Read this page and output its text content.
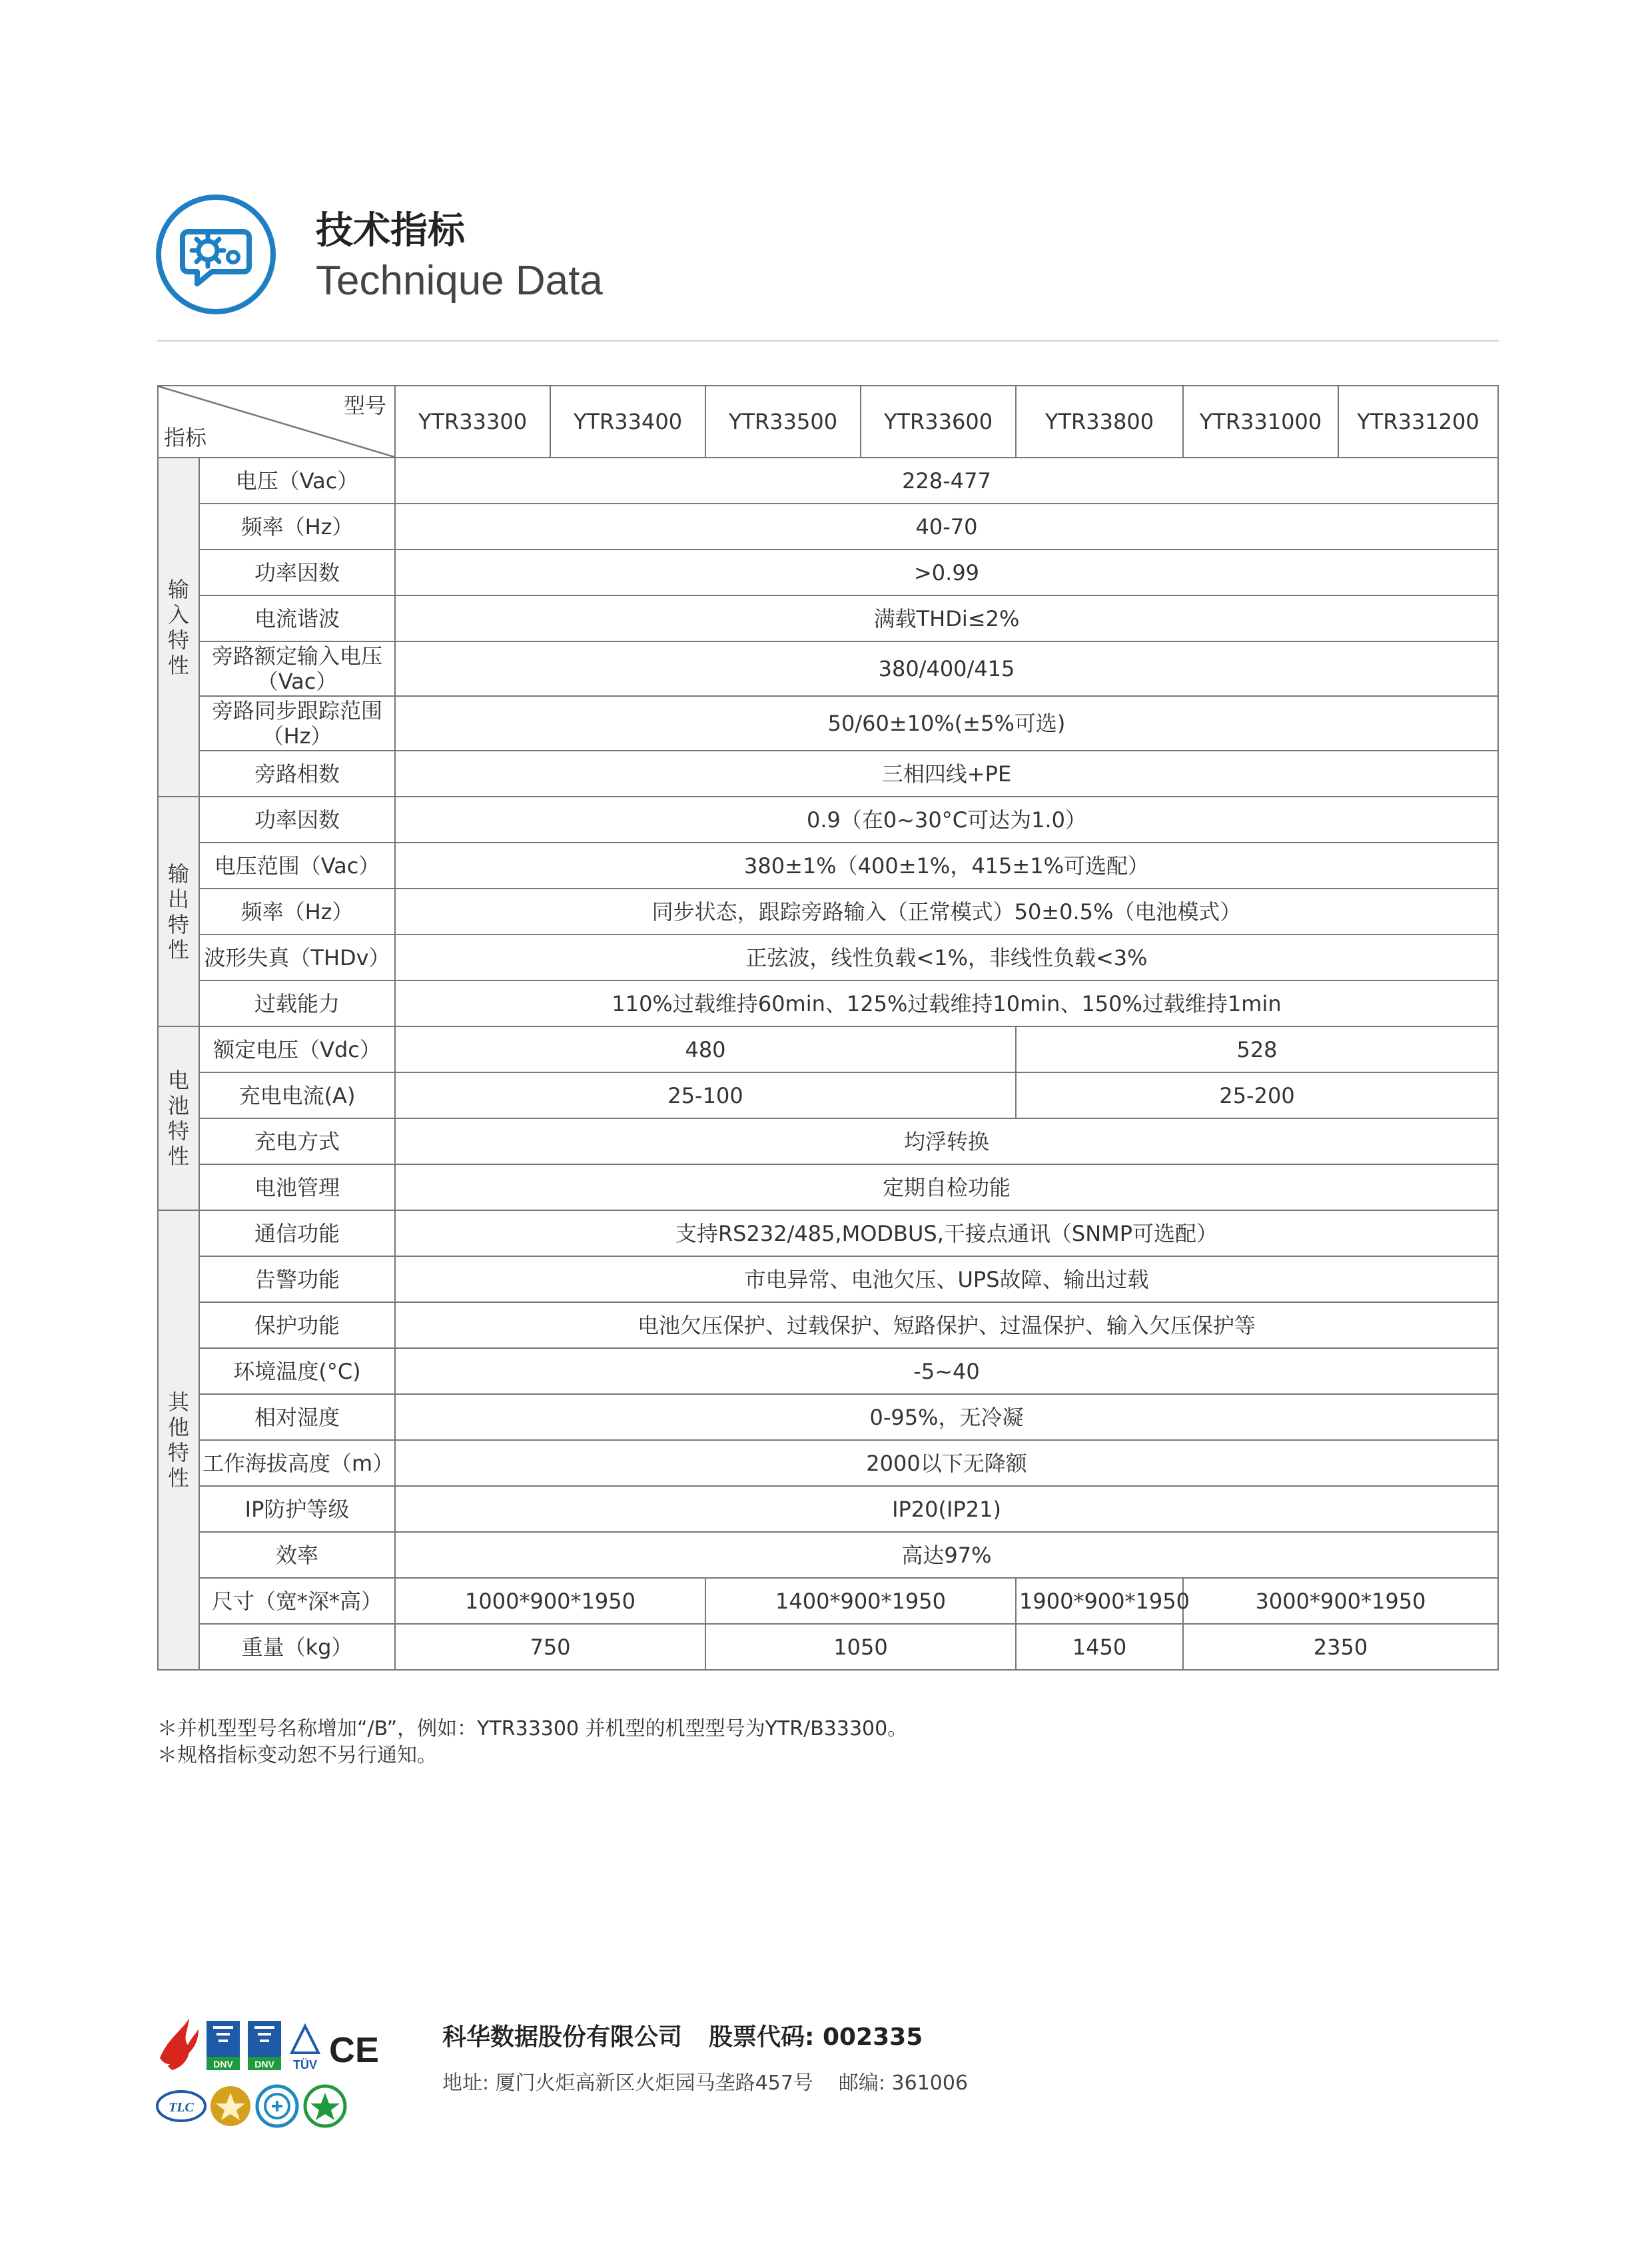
技术指标
Technique Data
型号
指标		YTR33300	YTR33400	YTR33500	YTR33600	YTR33800	YTR331000	YTR331200

输
入
特
性	电压（Vac）	228-477						
	频率（Hz）	40-70						
	功率因数	>0.99						
	电流谐波	满载THDi≤2%						

	旁路额定输入电压
（Vac）	380/400/415						

	旁路同步跟踪范围
（Hz）	50/60±10%(±5%可选)						
	旁路相数	三相四线+PE						

输
出
特
性	功率因数	0.9（在0~30°C可达为1.0）						
	电压范围（Vac）	380±1%（400±1%，415±1%可选配）						
	频率（Hz）	同步状态，跟踪旁路输入（正常模式）50±0.5%（电池模式）						
	波形失真（THDv）	正弦波，线性负载<1%，非线性负载<3%						
	过载能力	110%过载维持60min、125%过载维持10min、150%过载维持1min						

电
池
特
性	额定电压（Vdc）	480				528		
	充电电流(A)	25-100				25-200		
	充电方式	均浮转换						
	电池管理	定期自检功能						

其
他
特
性	通信功能	支持RS232/485,MODBUS,干接点通讯（SNMP可选配）						
	告警功能	市电异常、电池欠压、UPS故障、输出过载						
	保护功能	电池欠压保护、过载保护、短路保护、过温保护、输入欠压保护等						
	环境温度(°C)	-5~40						
	相对湿度	0-95%，无冷凝						
	工作海拔高度（m）	2000以下无降额						
	IP防护等级	IP20(IP21)						
	效率	高达97%						
	尺寸（宽*深*高）	1000*900*1950		1400*900*1950		1900*900*1950	3000*900*1950	
	重量（kg）	750		1050		1450	2350	
＊并机型型号名称增加“/B”，例如：YTR33300 并机型的机型型号为YTR/B33300。
＊规格指标变动恕不另行通知。
DNV DNV TÜV CE
TLC
科华数据股份有限公司 股票代码: 002335
地址: 厦门火炬高新区火炬园马垄路457号 邮编: 361006
